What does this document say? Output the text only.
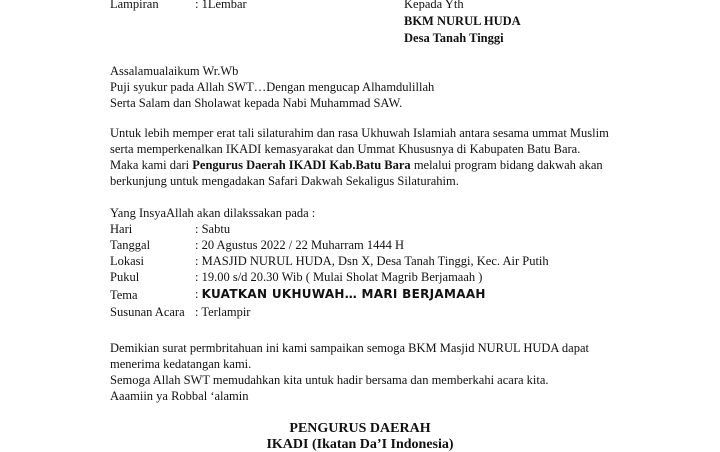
Lampiran	: 1Lembar	Kepada Yth
BKM NURUL HUDA
Desa Tanah Tinggi
Assalamualaikum Wr.Wb
Puji syukur pada Allah SWT…Dengan mengucap Alhamdulillah
Serta Salam dan Sholawat kepada Nabi Muhammad SAW.
Untuk lebih memper erat tali silaturahim dan rasa Ukhuwah Islamiah antara sesama ummat Muslim
serta memperkenalkan IKADI kemasyarakat dan Ummat Khususnya di Kabupaten Batu Bara.
Maka kami dari Pengurus Daerah IKADI Kab.Batu Bara melalui program bidang dakwah akan
berkunjung untuk mengadakan Safari Dakwah Sekaligus Silaturahim.
Yang InsyaAllah akan dilakssakan pada :
Hari	: Sabtu
Tanggal	: 20 Agustus 2022 / 22 Muharram 1444 H
Lokasi	: MASJID NURUL HUDA, Dsn X, Desa Tanah Tinggi, Kec. Air Putih
Pukul	: 19.00 s/d 20.30 Wib ( Mulai Sholat Magrib Berjamaah )
Tema	: KUATKAN UKHUWAH… MARI BERJAMAAH
Susunan Acara : Terlampir
Demikian surat permbritahuan ini kami sampaikan semoga BKM Masjid NURUL HUDA dapat
menerima kedatangan kami.
Semoga Allah SWT memudahkan kita untuk hadir bersama dan memberkahi acara kita.
Aaamiin ya Robbal ‘alamin
PENGURUS DAERAH
IKADI (Ikatan Da’I Indonesia)
